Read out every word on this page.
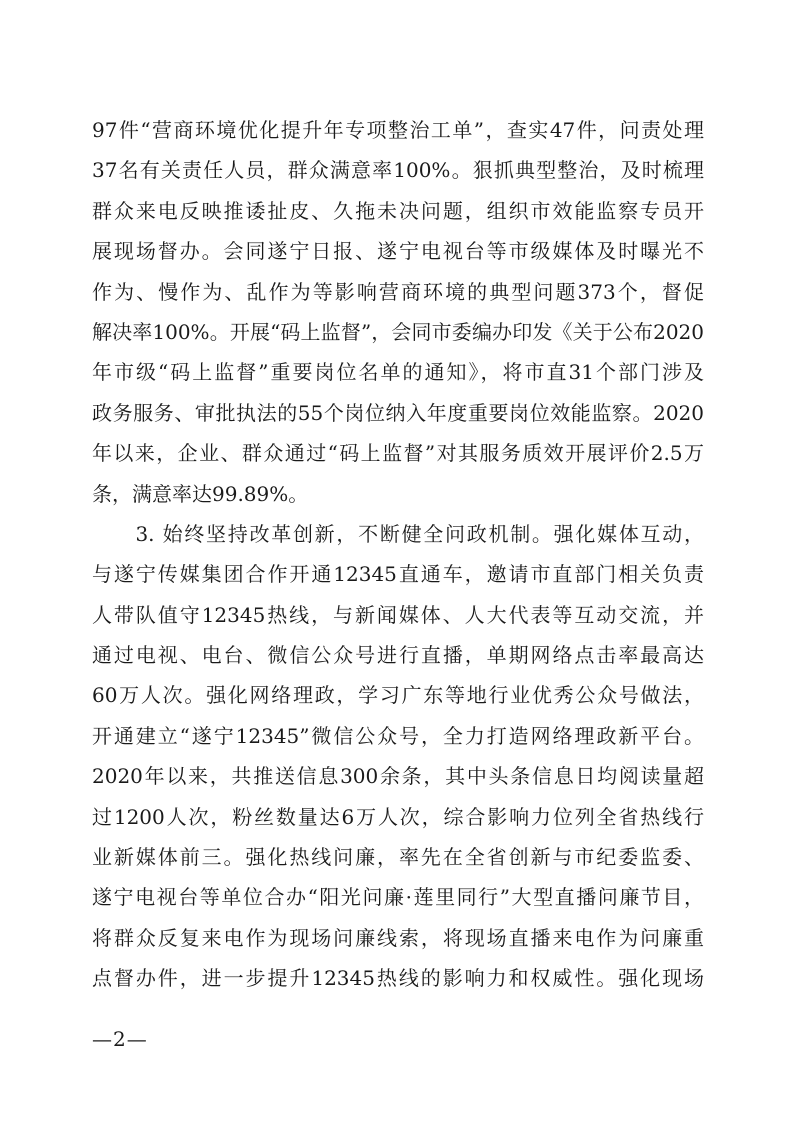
97件“营商环境优化提升年专项整治工单”，查实47件，问责处理
37名有关责任人员，群众满意率100%。狠抓典型整治，及时梳理
群众来电反映推诿扯皮、久拖未决问题，组织市效能监察专员开
展现场督办。会同遂宁日报、遂宁电视台等市级媒体及时曝光不
作为、慢作为、乱作为等影响营商环境的典型问题373个，督促
解决率100%。开展“码上监督”，会同市委编办印发《关于公布2020
年市级“码上监督”重要岗位名单的通知》，将市直31个部门涉及
政务服务、审批执法的55个岗位纳入年度重要岗位效能监察。2020
年以来，企业、群众通过“码上监督”对其服务质效开展评价2.5万
条，满意率达99.89%。
　　3. 始终坚持改革创新，不断健全问政机制。强化媒体互动，
与遂宁传媒集团合作开通12345直通车，邀请市直部门相关负责
人带队值守12345热线，与新闻媒体、人大代表等互动交流，并
通过电视、电台、微信公众号进行直播，单期网络点击率最高达
60万人次。强化网络理政，学习广东等地行业优秀公众号做法，
开通建立“遂宁12345”微信公众号，全力打造网络理政新平台。
2020年以来，共推送信息300余条，其中头条信息日均阅读量超
过1200人次，粉丝数量达6万人次，综合影响力位列全省热线行
业新媒体前三。强化热线问廉，率先在全省创新与市纪委监委、
遂宁电视台等单位合办“阳光问廉·莲里同行”大型直播问廉节目，
将群众反复来电作为现场问廉线索，将现场直播来电作为问廉重
点督办件，进一步提升12345热线的影响力和权威性。强化现场
—2—
